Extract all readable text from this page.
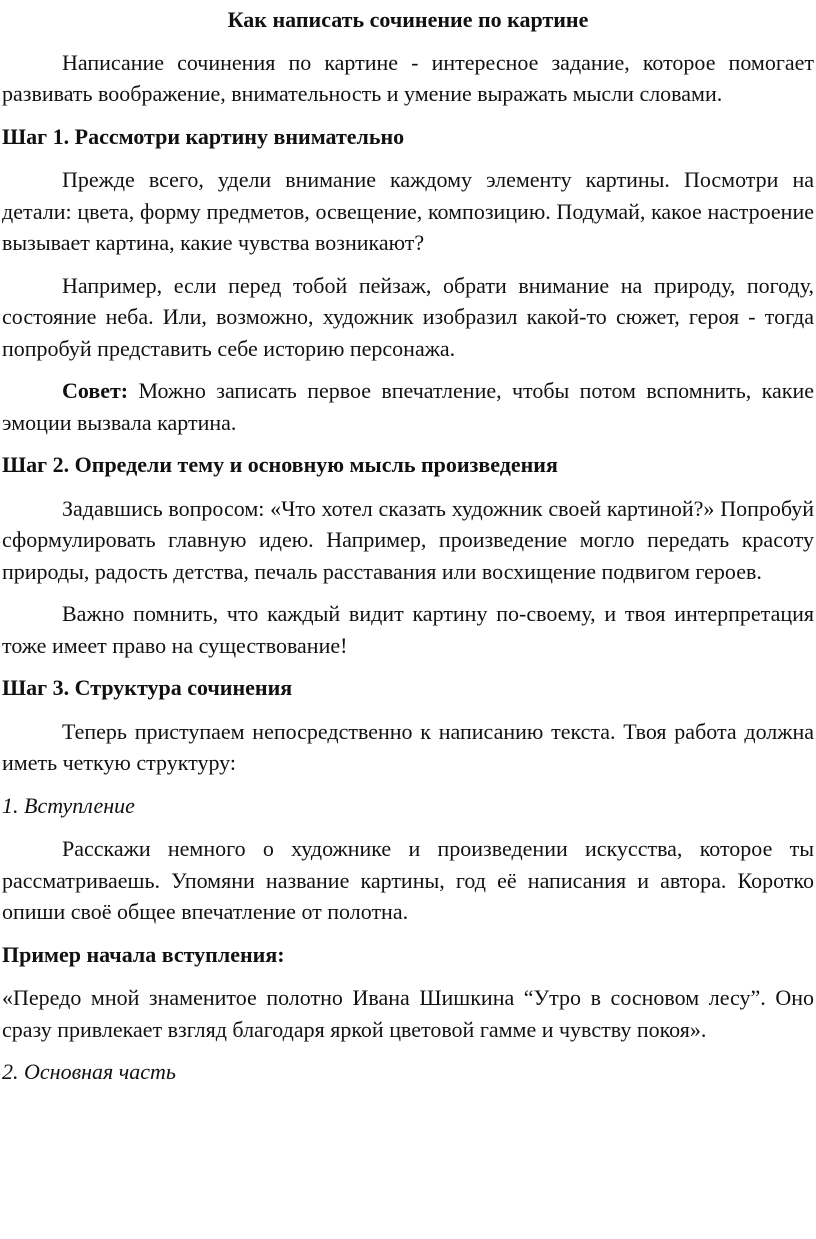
Как написать сочинение по картине

Написание сочинения по картине - интересное задание, которое помогает развивать воображение, внимательность и умение выражать мысли словами.

Шаг 1. Рассмотри картину внимательно

Прежде всего, удели внимание каждому элементу картины. Посмотри на детали: цвета, форму предметов, освещение, композицию. Подумай, какое настроение вызывает картина, какие чувства возникают?

Например, если перед тобой пейзаж, обрати внимание на природу, погоду, состояние неба. Или, возможно, художник изобразил какой-то сюжет, героя - тогда попробуй представить себе историю персонажа.

Совет: Можно записать первое впечатление, чтобы потом вспомнить, какие эмоции вызвала картина.

Шаг 2. Определи тему и основную мысль произведения

Задавшись вопросом: «Что хотел сказать художник своей картиной?» Попробуй сформулировать главную идею. Например, произведение могло передать красоту природы, радость детства, печаль расставания или восхищение подвигом героев.

Важно помнить, что каждый видит картину по-своему, и твоя интерпретация тоже имеет право на существование!

Шаг 3. Структура сочинения

Теперь приступаем непосредственно к написанию текста. Твоя работа должна иметь четкую структуру:

1. Вступление

Расскажи немного о художнике и произведении искусства, которое ты рассматриваешь. Упомяни название картины, год её написания и автора. Коротко опиши своё общее впечатление от полотна.

Пример начала вступления:

«Передо мной знаменитое полотно Ивана Шишкина “Утро в сосновом лесу”. Оно сразу привлекает взгляд благодаря яркой цветовой гамме и чувству покоя».

2. Основная часть
